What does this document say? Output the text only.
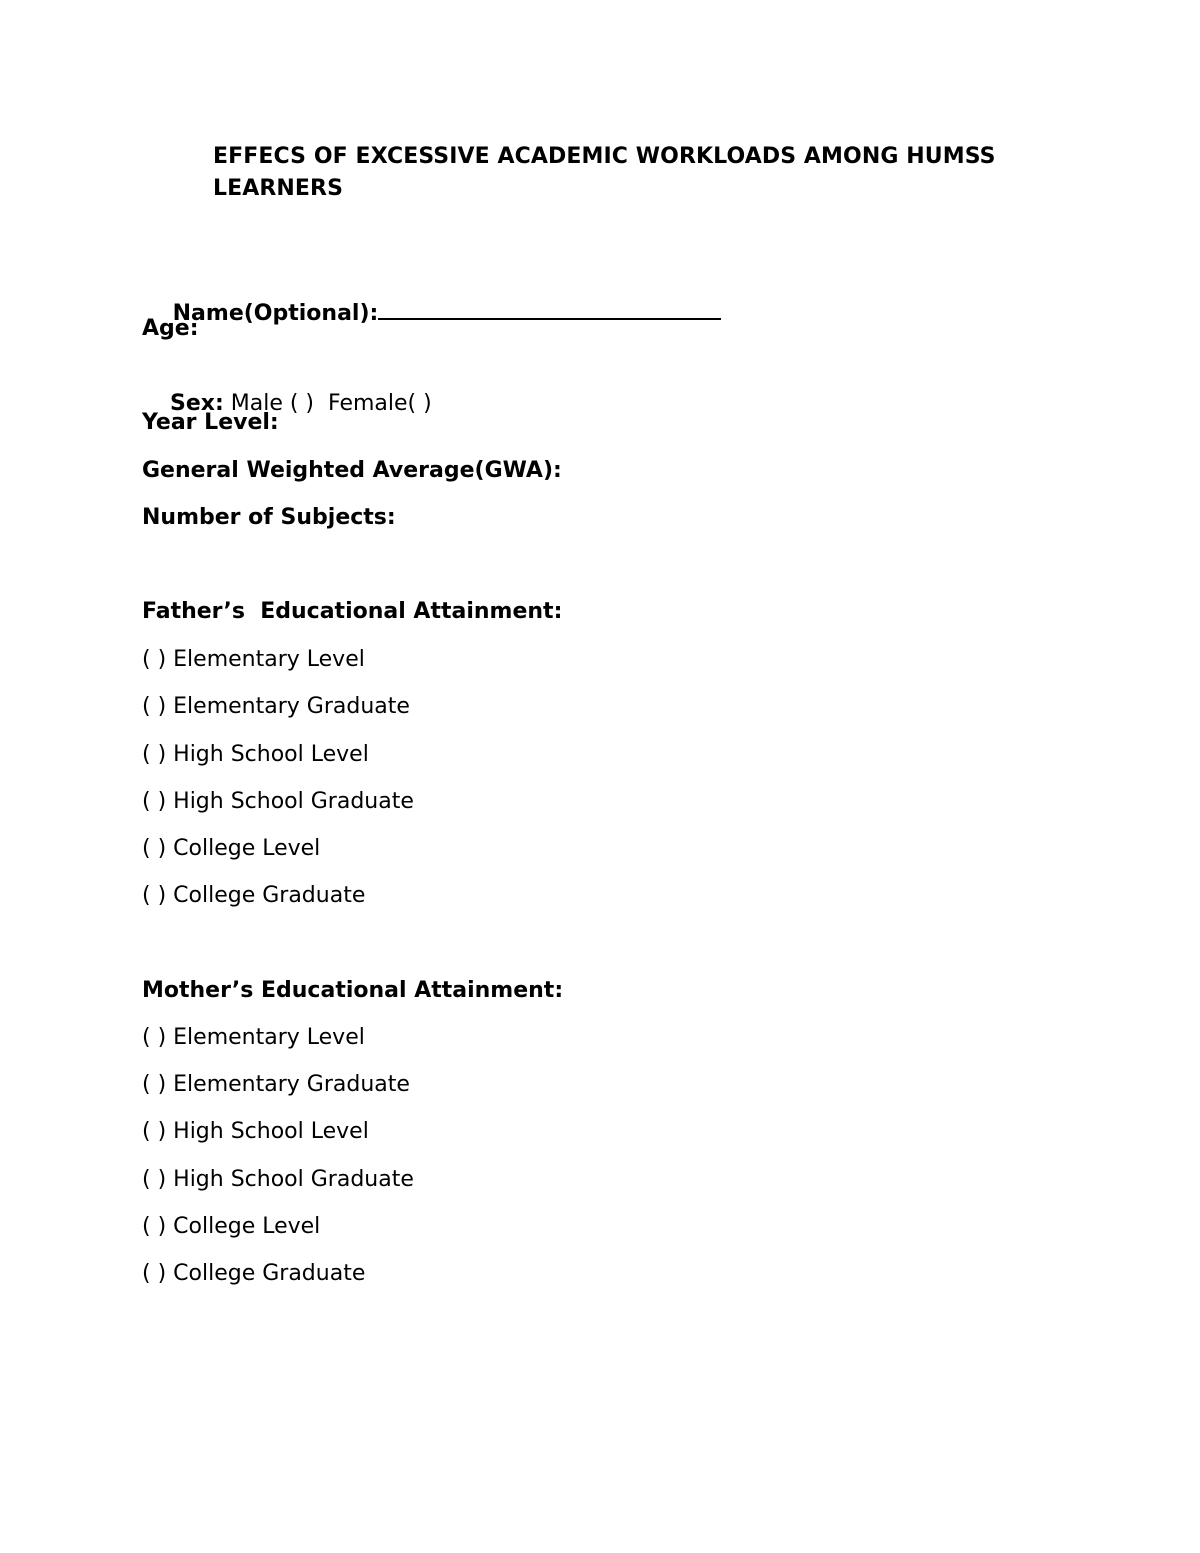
EFFECS OF EXCESSIVE ACADEMIC WORKLOADS AMONG HUMSS LEARNERS

Name(Optional):

Age:

Sex: Male ( )  Female( )

Year Level:
General Weighted Average(GWA):
Number of Subjects:
Father’s  Educational Attainment:
( ) Elementary Level
( ) Elementary Graduate
( ) High School Level
( ) High School Graduate
( ) College Level
( ) College Graduate
Mother’s Educational Attainment:
( ) Elementary Level
( ) Elementary Graduate
( ) High School Level
( ) High School Graduate
( ) College Level
( ) College Graduate
